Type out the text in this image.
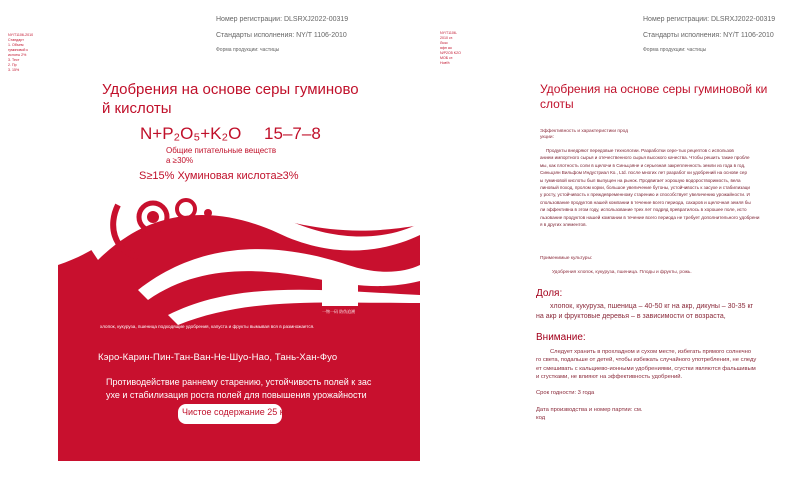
NY/T1106-2010
Стандарт
1. Объем
гуминовой к
ислоты 2%
3. Тест
2. Пр
3. 15%
NY/T1106-
2010 ст.
Лкзо
яфн ао
N/P2O5 K2O
МОБ ст.
Нов%
Номер регистрации: DLSRXJ2022-00319
Стандарты исполнения: NY/T 1106-2010
Форма продукции: частицы
Удобрения на основе серы гуминово
й кислоты
N+P₂O₅+K₂O 15–7–8
Общие питательные веществ
а ≥30%
S≥15% Хуминовая кислота≥3%
一物一码 防伪追溯
хлопок, кукуруза, пшеница подходящие удобрения, капуста и фрукты вымывая вся в размножается.
Кэро-Карин-Пин-Тан-Ван-Не-Шуо-Нао, Тань-Хан-Фуо
Противодействие раннему старению, устойчивость полей к зас
ухе и стабилизация роста полей для повышения урожайности
Чистое содержание 25 кг
Номер регистрации: DLSRXJ2022-00319
Стандарты исполнения: NY/T 1106-2010
Форма продукции: частицы
Удобрения на основе серы гуминовой ки
слоты
Эффективность и характеристики прод
укции:
Продукты внедряют передовые технологии. Разработки сере-тых рецептов с использов
анием импортного сырья и отечественного сырья высокого качества. Чтобы решить такие пробле
мы, как плотность соли в щелочи в Синьцзяне и серьезная закрепленность земли из года в год,
Синьцзян Вильфом Индустриал Ко., Ltd. после многих лет разработ ки удобрений на основе сер
ы гуминовой кислоты был выпущен на рынок. Продвигает хорошую водоростворимость, вела
линовый поход, пролом корки, большое увеличение бутоны, устойчивость к засухе и стабилизаци
у росту, устойчивость к преждевременному старению и способствует увеличению урожайности. И
спользование продуктов нашей компании в течение всего периода, сахаров и щелочная земля бы
ли эффективна в этом году, использование трех лет подряд превратилось в хорошее поле, исто
льзование продуктов нашей компании в течение всего периода не требует дополнительного удобрени
я в других элементов.
Применимые культуры:
Удобрения хлопок, кукуруза, пшеница. Плоды и фрукты, рожь.
Доля:
хлопок, кукуруза, пшеница – 40-50 кг на акр, дикуны – 30-35 кг
на акр и фруктовые деревья – в зависимости от возраста,
Внимание:
Следует хранить в прохладном и сухом месте, избегать прямого солнечно
го света, подальше от детей, чтобы избежать случайного употребления, не следу
ет смешивать с кальциево-ионными удобрениями, сгустки являются фальшивым
и сгустками, не влияют на эффективность удобрений.
Срок годности: 3 года
Дата производства и номер партии: см.
код
